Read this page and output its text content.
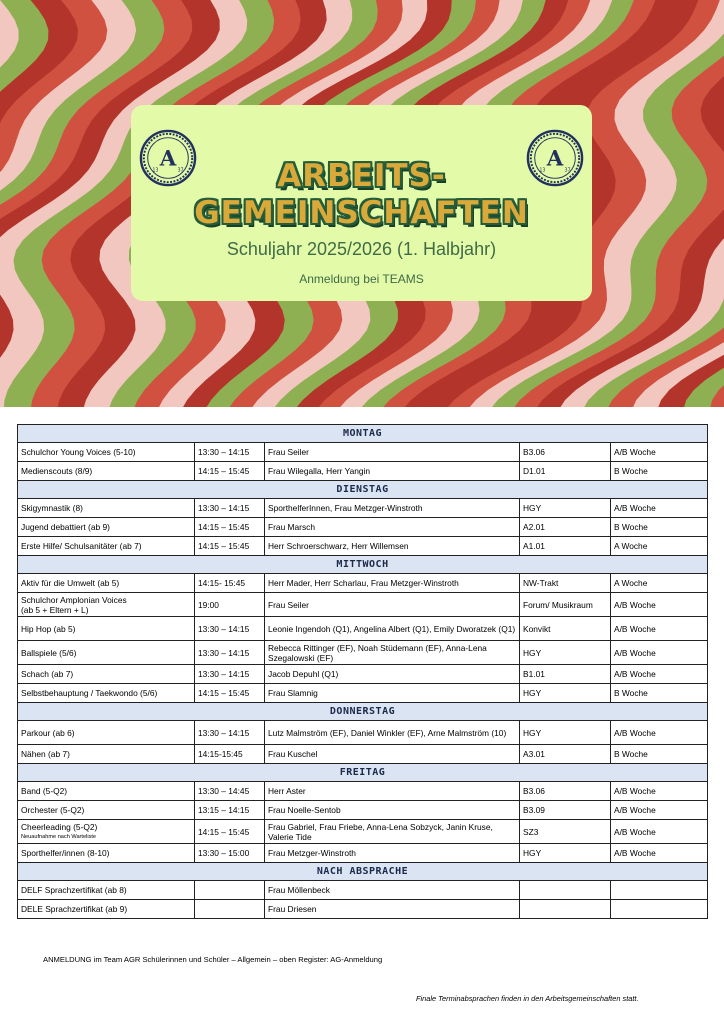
A
13	37	A
13	37
ARBEITS-
GEMEINSCHAFTEN
Schuljahr 2025/2026 (1. Halbjahr)
Anmeldung bei TEAMS
MONTAG				

Schulchor Young Voices (5-10)	13:30 – 14:15	Frau Seiler	B3.06	A/B Woche

Medienscouts (8/9)	14:15 – 15:45	Frau Wilegalla, Herr Yangin	D1.01	B Woche

DIENSTAG				

Skigymnastik (8)	13:30 – 14:15	SporthelferInnen, Frau Metzger-Winstroth	HGY	A/B Woche

Jugend debattiert (ab 9)	14:15 – 15:45	Frau Marsch	A2.01	B Woche

Erste Hilfe/ Schulsanitäter (ab 7)	14:15 – 15:45	Herr Schroerschwarz, Herr Willemsen	A1.01	A Woche

MITTWOCH				

Aktiv für die Umwelt (ab 5)	14:15- 15:45	Herr Mader, Herr Scharlau, Frau Metzger-Winstroth	NW-Trakt	A Woche

Schulchor Amplonian Voices
(ab 5 + Eltern + L)	19:00	Frau Seiler	Forum/ Musikraum	A/B Woche

Hip Hop (ab 5)	13:30 – 14:15	Leonie Ingendoh (Q1), Angelina Albert (Q1), Emily Dworatzek (Q1)	Konvikt	A/B Woche

Ballspiele (5/6)	13:30 – 14:15	Rebecca Rittinger (EF), Noah Stüdemann (EF), Anna-Lena Szegalowski (EF)	HGY	A/B Woche

Schach (ab 7)	13:30 – 14:15	Jacob Depuhl (Q1)	B1.01	A/B Woche

Selbstbehauptung / Taekwondo (5/6)	14:15 – 15:45	Frau Slamnig	HGY	B Woche

DONNERSTAG				

Parkour (ab 6)	13:30 – 14:15	Lutz Malmström (EF), Daniel Winkler (EF), Arne Malmström (10)	HGY	A/B Woche

Nähen (ab 7)	14:15-15:45	Frau Kuschel	A3.01	B Woche

FREITAG				

Band (5-Q2)	13:30 – 14:45	Herr Aster	B3.06	A/B Woche

Orchester (5-Q2)	13:15 – 14:15	Frau Noelle-Sentob	B3.09	A/B Woche

Cheerleading (5-Q2)
Neuaufnahme nach Warteliste	14:15 – 15:45	Frau Gabriel, Frau Friebe, Anna-Lena Sobzyck, Janin Kruse, Valerie Tide	SZ3	A/B Woche

Sporthelfer/innen (8-10)	13:30 – 15:00	Frau Metzger-Winstroth	HGY	A/B Woche

NACH ABSPRACHE				

DELF Sprachzertifikat (ab 8)		Frau Möllenbeck		

DELE Sprachzertifikat (ab 9)		Frau Driesen		

ANMELDUNG im Team AGR Schülerinnen und Schüler – Allgemein – oben Register: AG-Anmeldung
Finale Terminabsprachen finden in den Arbeitsgemeinschaften statt.
